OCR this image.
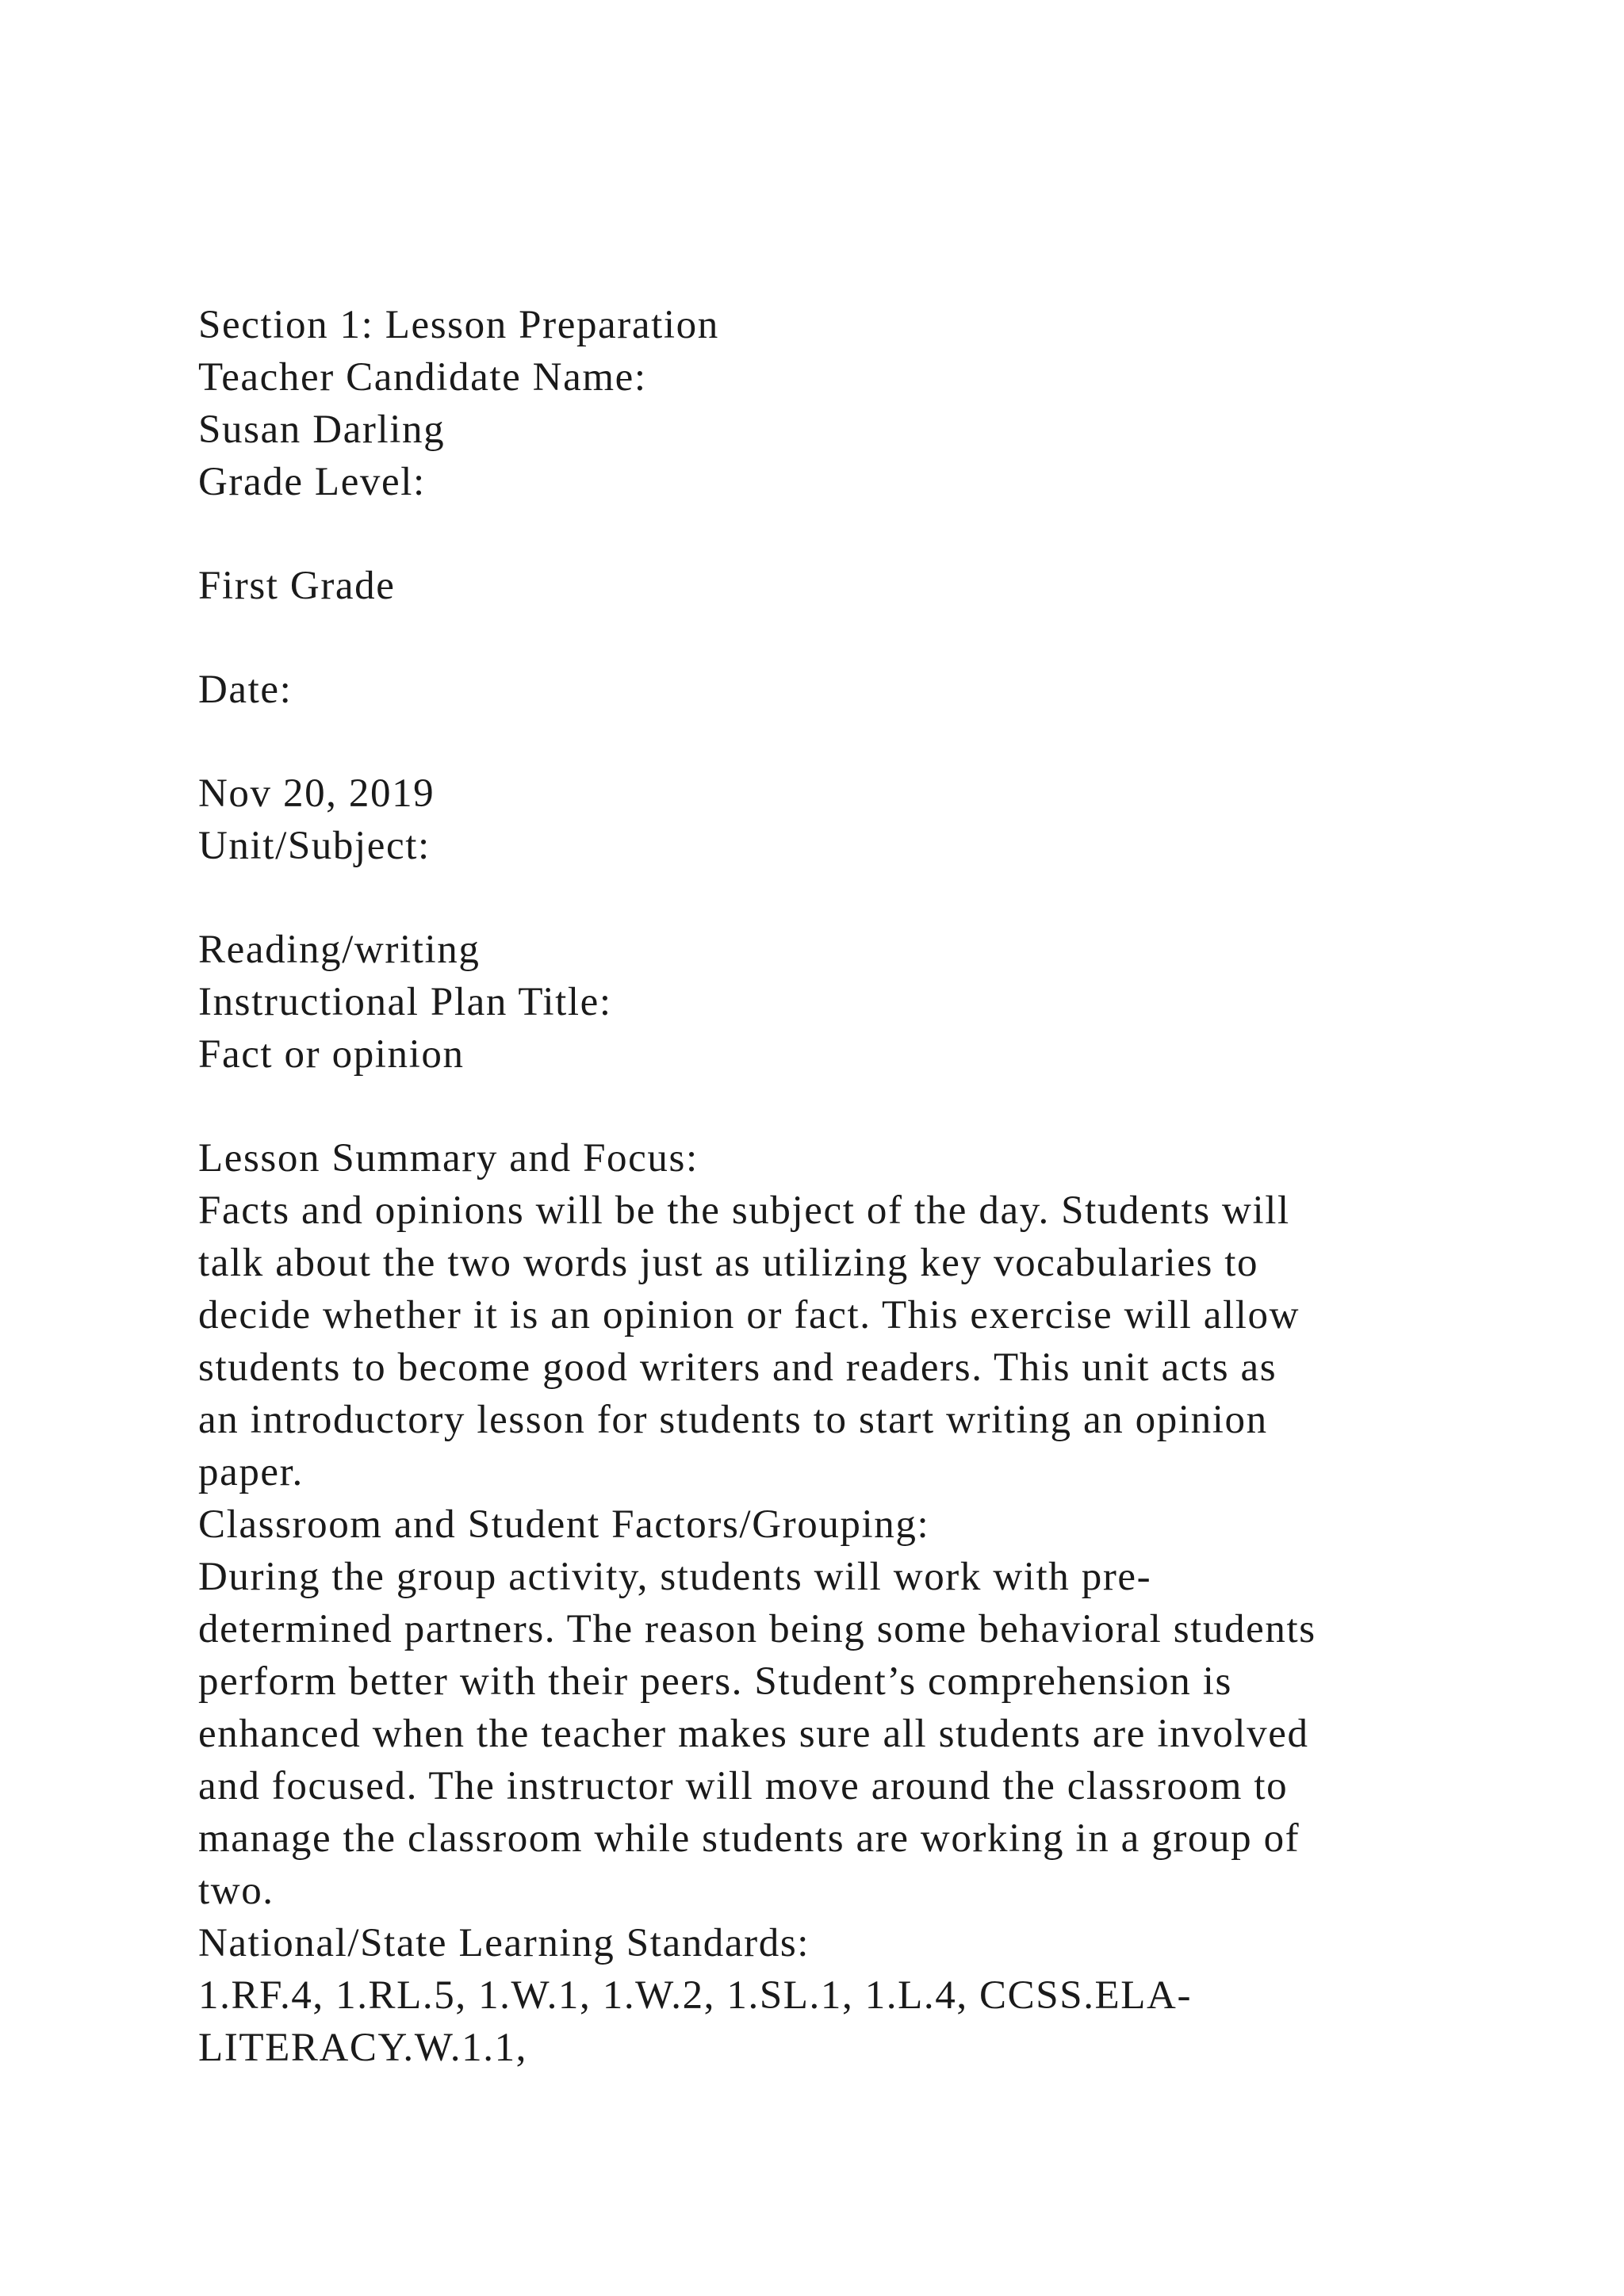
Section 1: Lesson Preparation
Teacher Candidate Name:
Susan Darling
Grade Level:
First Grade
Date:
Nov 20, 2019
Unit/Subject:
Reading/writing
Instructional Plan Title:
Fact or opinion
Lesson Summary and Focus:
Facts and opinions will be the subject of the day. Students will
talk about the two words just as utilizing key vocabularies to
decide whether it is an opinion or fact. This exercise will allow
students to become good writers and readers. This unit acts as
an introductory lesson for students to start writing an opinion
paper.
Classroom and Student Factors/Grouping:
During the group activity, students will work with pre-
determined partners. The reason being some behavioral students
perform better with their peers. Student’s comprehension is
enhanced when the teacher makes sure all students are involved
and focused. The instructor will move around the classroom to
manage the classroom while students are working in a group of
two.
National/State Learning Standards:
1.RF.4, 1.RL.5, 1.W.1, 1.W.2, 1.SL.1, 1.L.4, CCSS.ELA-
LITERACY.W.1.1,
